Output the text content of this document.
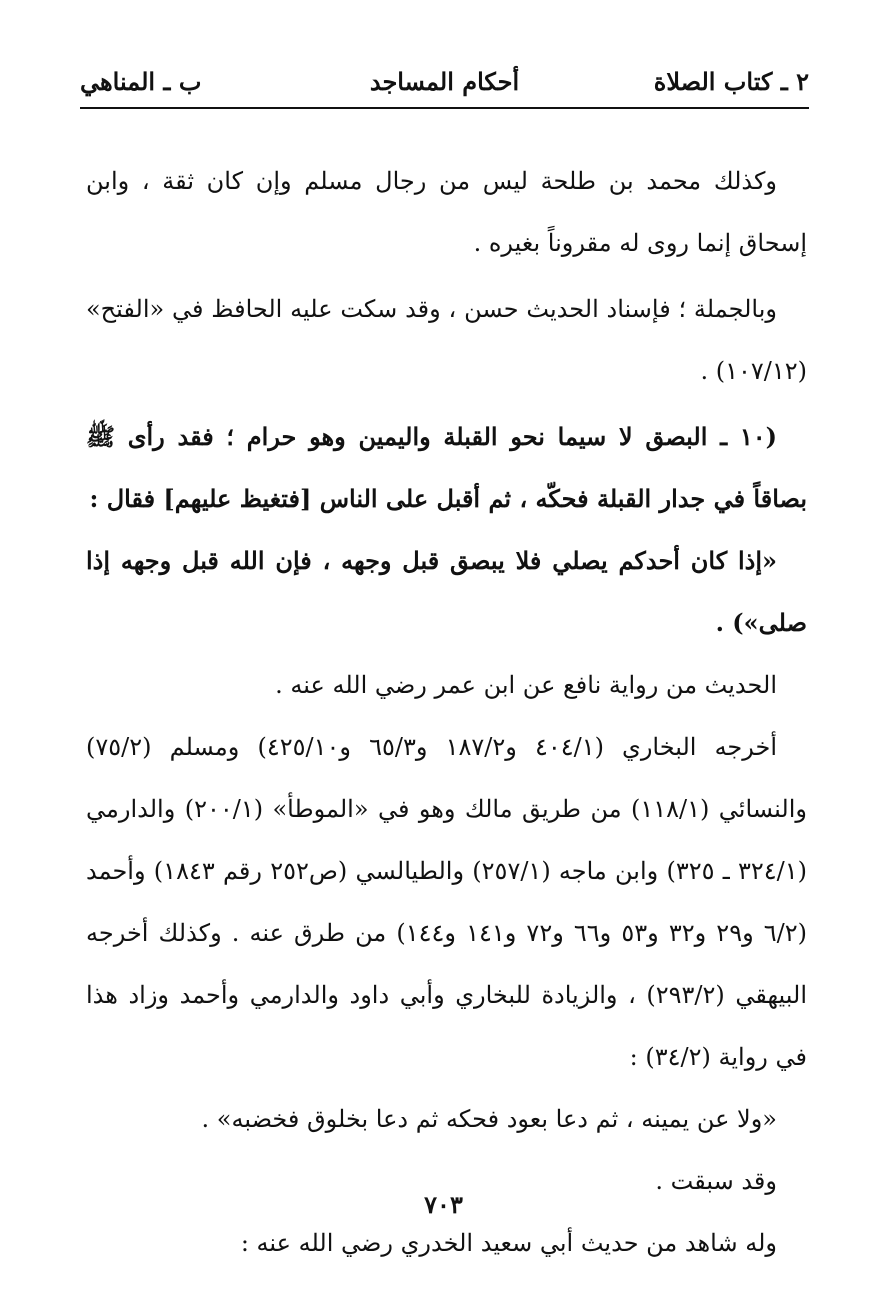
٢ ـ كتاب الصلاة
أحكام المساجد
ب ـ المناهي

وكذلك محمد بن طلحة ليس من رجال مسلم وإن كان ثقة ، وابن إسحاق إنما روى له مقروناً بغيره .

وبالجملة ؛ فإسناد الحديث حسن ، وقد سكت عليه الحافظ في «الفتح» (١٠٧/١٢) .

(١٠ ـ البصق لا سيما نحو القبلة واليمين وهو حرام ؛ فقد رأى ﷺ بصاقاً في جدار القبلة فحكّه ، ثم أقبل على الناس [فتغيظ عليهم] فقال :

«إذا كان أحدكم يصلي فلا يبصق قبل وجهه ، فإن الله قبل وجهه إذا صلى») .

الحديث من رواية نافع عن ابن عمر رضي الله عنه .

أخرجه البخاري (٤٠٤/١ و١٨٧/٢ و٦٥/٣ و٤٢٥/١٠) ومسلم (٧٥/٢) والنسائي (١١٨/١) من طريق مالك وهو في «الموطأ» (٢٠٠/١) والدارمي (٣٢٤/١ ـ ٣٢٥) وابن ماجه (٢٥٧/١) والطيالسي (ص٢٥٢ رقم ١٨٤٣) وأحمد (٦/٢ و٢٩ و٣٢ و٥٣ و٦٦ و٧٢ و١٤١ و١٤٤) من طرق عنه . وكذلك أخرجه البيهقي (٢٩٣/٢) ، والزيادة للبخاري وأبي داود والدارمي وأحمد وزاد هذا في رواية (٣٤/٢) :

«ولا عن يمينه ، ثم دعا بعود فحكه ثم دعا بخلوق فخضبه» .

وقد سبقت .

وله شاهد من حديث أبي سعيد الخدري رضي الله عنه :

٧٠٣
